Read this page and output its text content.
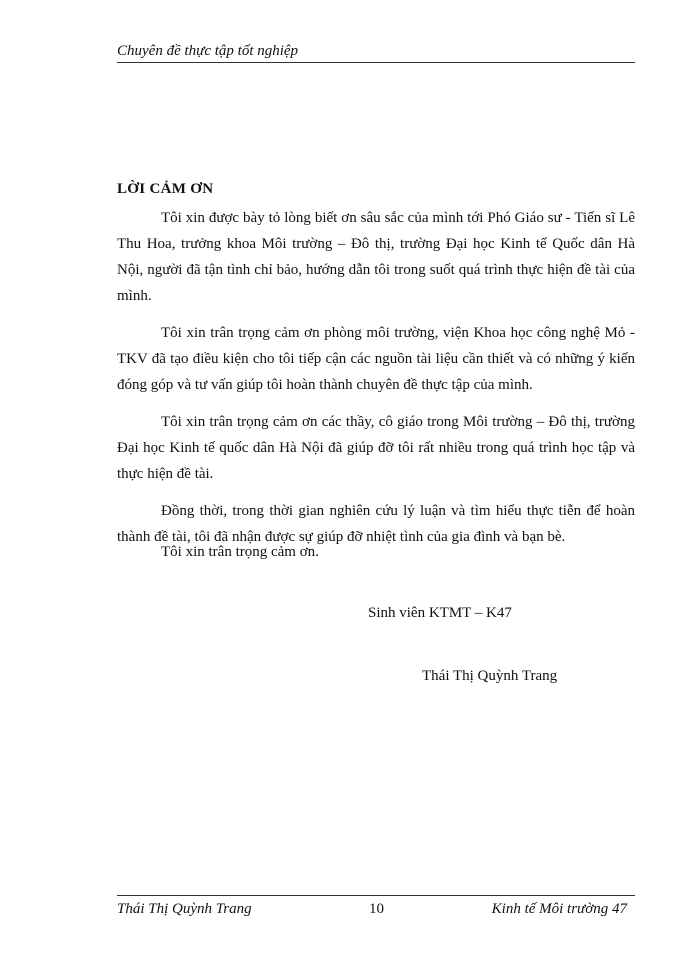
Chuyên đề thực tập tốt nghiệp
LỜI CẢM ƠN

Tôi xin được bày tỏ lòng biết ơn sâu sắc của mình tới Phó Giáo sư - Tiến sĩ Lê Thu Hoa, trưởng khoa Môi trường – Đô thị, trường Đại học Kinh tế Quốc dân Hà Nội, người đã tận tình chỉ bảo, hướng dẫn tôi trong suốt quá trình thực hiện đề tài của mình.

Tôi xin trân trọng cảm ơn phòng môi trường, viện Khoa học công nghệ Mỏ - TKV đã tạo điều kiện cho tôi tiếp cận các nguồn tài liệu cần thiết và có những ý kiến đóng góp và tư vấn giúp tôi hoàn thành chuyên đề thực tập của mình.

Tôi xin trân trọng cảm ơn các thầy, cô giáo trong Môi trường – Đô thị, trường Đại học Kinh tế quốc dân Hà Nội đã giúp đỡ tôi rất nhiều trong quá trình học tập và thực hiện đề tài.

Đồng thời, trong thời gian nghiên cứu lý luận và tìm hiểu thực tiễn để hoàn thành đề tài, tôi đã nhận được sự giúp đỡ nhiệt tình của gia đình và bạn bè.

Tôi xin trân trọng cảm ơn.
Sinh viên KTMT – K47
Thái Thị Quỳnh Trang
Thái Thị Quỳnh Trang	10	Kinh tế Môi trường 47
